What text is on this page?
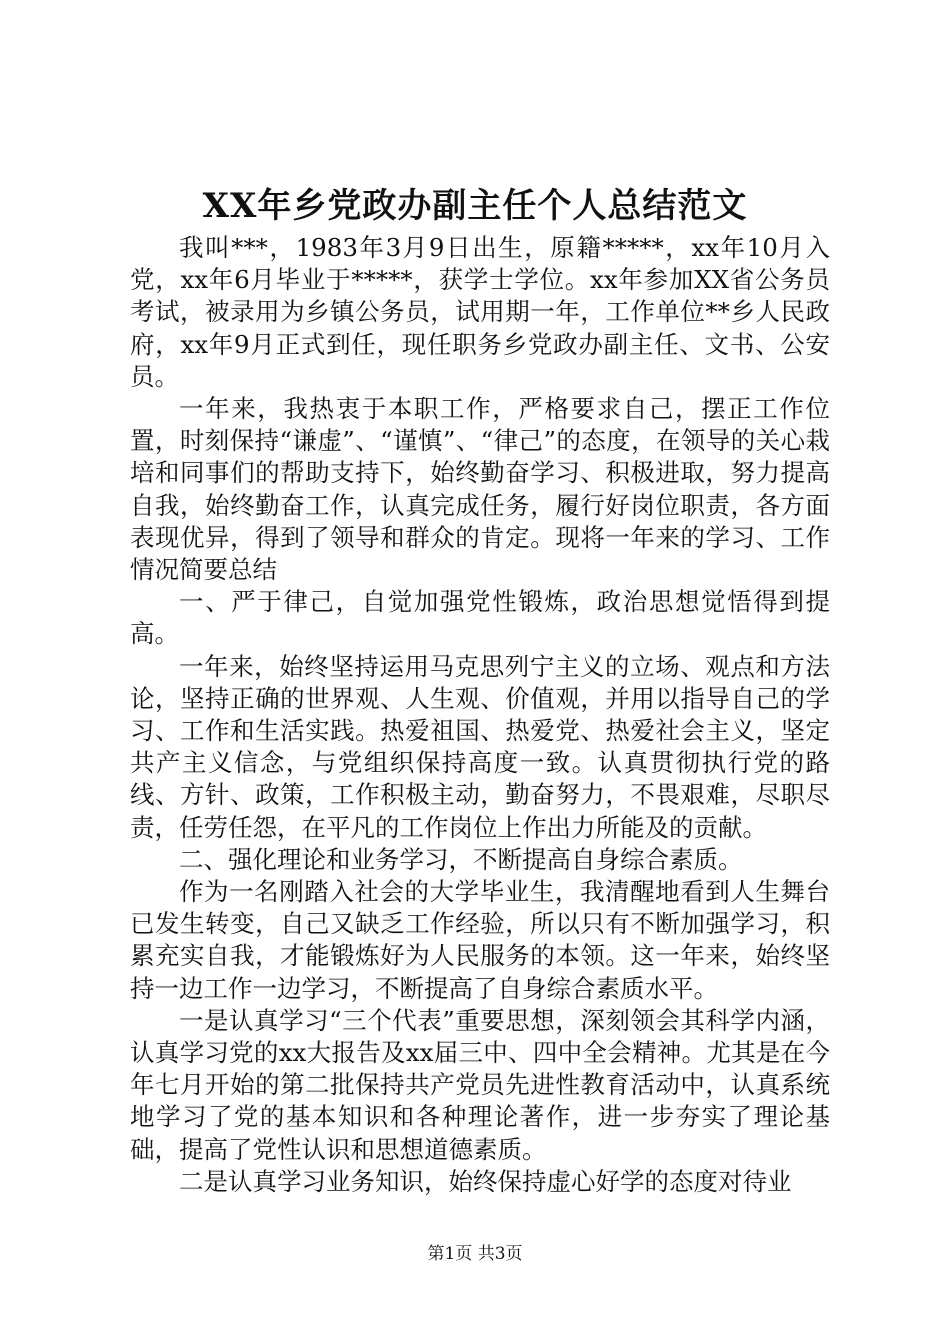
XX年乡党政办副主任个人总结范文

我叫***，1983年3月9日出生，原籍*****，xx年10月入党，xx年6月毕业于*****，获学士学位。xx年参加XX省公务员考试，被录用为乡镇公务员，试用期一年，工作单位**乡人民政府，xx年9月正式到任，现任职务乡党政办副主任、文书、公安员。

一年来，我热衷于本职工作，严格要求自己，摆正工作位置，时刻保持“谦虚”、“谨慎”、“律己”的态度，在领导的关心栽培和同事们的帮助支持下，始终勤奋学习、积极进取，努力提高自我，始终勤奋工作，认真完成任务，履行好岗位职责，各方面表现优异，得到了领导和群众的肯定。现将一年来的学习、工作情况简要总结

一、严于律己，自觉加强党性锻炼，政治思想觉悟得到提高。

一年来，始终坚持运用马克思列宁主义的立场、观点和方法论，坚持正确的世界观、人生观、价值观，并用以指导自己的学习、工作和生活实践。热爱祖国、热爱党、热爱社会主义，坚定共产主义信念，与党组织保持高度一致。认真贯彻执行党的路线、方针、政策，工作积极主动，勤奋努力，不畏艰难，尽职尽责，任劳任怨，在平凡的工作岗位上作出力所能及的贡献。

二、强化理论和业务学习，不断提高自身综合素质。

作为一名刚踏入社会的大学毕业生，我清醒地看到人生舞台已发生转变，自己又缺乏工作经验，所以只有不断加强学习，积累充实自我，才能锻炼好为人民服务的本领。这一年来，始终坚持一边工作一边学习，不断提高了自身综合素质水平。

一是认真学习“三个代表”重要思想，深刻领会其科学内涵，认真学习党的xx大报告及xx届三中、四中全会精神。尤其是在今年七月开始的第二批保持共产党员先进性教育活动中，认真系统地学习了党的基本知识和各种理论著作，进一步夯实了理论基础，提高了党性认识和思想道德素质。

二是认真学习业务知识，始终保持虚心好学的态度对待业

第1页 共3页
